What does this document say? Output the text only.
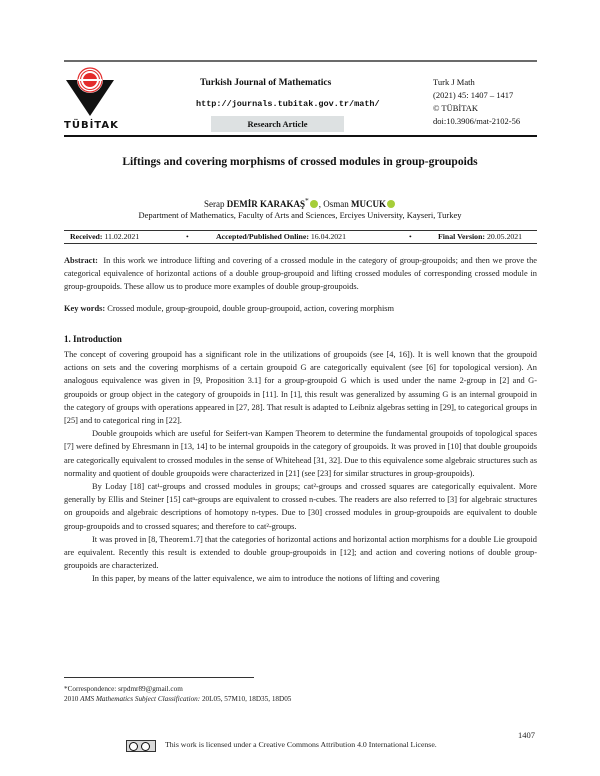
TÜBİTAK
Turkish Journal of Mathematics
http://journals.tubitak.gov.tr/math/
Research Article
Turk J Math
(2021) 45: 1407 – 1417
© TÜBİTAK
doi:10.3906/mat-2102-56
Liftings and covering morphisms of crossed modules in group-groupoids
Serap DEMİR KARAKAŞ* , Osman MUCUK
Department of Mathematics, Faculty of Arts and Sciences, Erciyes University, Kayseri, Turkey
Received: 11.02.2021	•	Accepted/Published Online: 16.04.2021	•	Final Version: 20.05.2021
Abstract: In this work we introduce lifting and covering of a crossed module in the category of group-groupoids; and then we prove the categorical equivalence of horizontal actions of a double group-groupoid and lifting crossed modules of corresponding crossed module in group-groupoids. These allow us to produce more examples of double group-groupoids.
Key words: Crossed module, group-groupoid, double group-groupoid, action, covering morphism
1. Introduction

The concept of covering groupoid has a significant role in the utilizations of groupoids (see [4, 16]). It is well known that the groupoid actions on sets and the covering morphisms of a certain groupoid G are categorically equivalent (see [6] for topological version). An analogous equivalence was given in [9, Proposition 3.1] for a group-groupoid G which is used under the name 2-group in [2] and G-groupoids or group object in the category of groupoids in [11]. In [1], this result was generalized by assuming G is an internal groupoid in the category of groups with operations appeared in [27, 28]. That result is adapted to Leibniz algebras setting in [29], to categorical groups in [25] and to categorical ring in [22].

Double groupoids which are useful for Seifert-van Kampen Theorem to determine the fundamental groupoids of topological spaces [7] were defined by Ehresmann in [13, 14] to be internal groupoids in the category of groupoids. It was proved in [10] that double groupoids are categorically equivalent to crossed modules in the sense of Whitehead [31, 32]. Due to this equivalence some algebraic structures such as normality and quotient of double groupoids were characterized in [21] (see [23] for similar structures in group-groupoids).

By Loday [18] cat¹-groups and crossed modules in groups; cat²-groups and crossed squares are categorically equivalent. More generally by Ellis and Steiner [15] catⁿ-groups are equivalent to crossed n-cubes. The readers are also referred to [3] for algebraic structures on groupoids and algebraic descriptions of homotopy n-types. Due to [30] crossed modules in group-groupoids are equivalent to double group-groupoids and to crossed squares; and therefore to cat²-groups.

It was proved in [8, Theorem1.7] that the categories of horizontal actions and horizontal action morphisms for a double Lie groupoid are equivalent. Recently this result is extended to double group-groupoids in [12]; and action and covering notions of double group-groupoids are characterized.

In this paper, by means of the latter equivalence, we aim to introduce the notions of lifting and covering

*Correspondence: srpdmr89@gmail.com
2010 AMS Mathematics Subject Classification: 20L05, 57M10, 18D35, 18D05
1407
This work is licensed under a Creative Commons Attribution 4.0 International License.
